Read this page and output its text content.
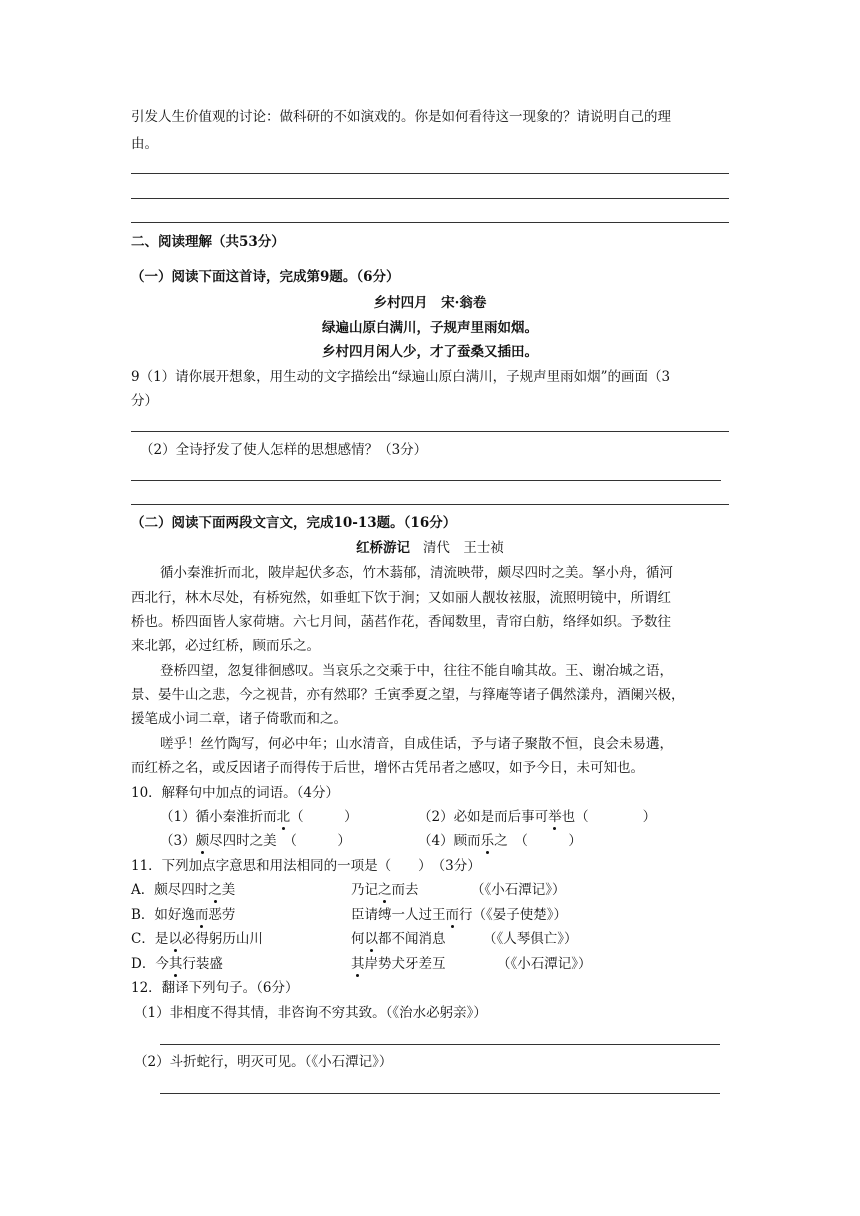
引发人生价值观的讨论：做科研的不如演戏的。你是如何看待这一现象的？请说明自己的理
由。
二、阅读理解（共53分）
（一）阅读下面这首诗，完成第9题。（6分）
乡村四月　宋·翁卷
绿遍山原白满川，子规声里雨如烟。
乡村四月闲人少，才了蚕桑又插田。
9（1）请你展开想象，用生动的文字描绘出“绿遍山原白满川，子规声里雨如烟”的画面（3
分）
（2）全诗抒发了使人怎样的思想感情？（3分）
（二）阅读下面两段文言文，完成10-13题。（16分）
红桥游记 清代　王士祯
循小秦淮折而北，陂岸起伏多态，竹木蓊郁，清流映带，颇尽四时之美。拏小舟，循河
西北行，林木尽处，有桥宛然，如垂虹下饮于涧；又如丽人靓妆袨服，流照明镜中，所谓红
桥也。桥四面皆人家荷塘。六七月间，菡萏作花，香闻数里，青帘白舫，络绎如织。予数往
来北郭，必过红桥，顾而乐之。
登桥四望，忽复徘徊感叹。当哀乐之交乘于中，往往不能自喻其故。王、谢冶城之语，
景、晏牛山之悲，今之视昔，亦有然耶？壬寅季夏之望，与箨庵等诸子偶然漾舟，酒阑兴极，
援笔成小词二章，诸子倚歌而和之。
嗟乎！丝竹陶写，何必中年；山水清音，自成佳话，予与诸子聚散不恒，良会未易遘，
而红桥之名，或反因诸子而得传于后世，增怀古凭吊者之感叹，如予今日，未可知也。
10．解释句中加点的词语。（4分）
（1）循小秦淮折而北（　　　）	（2）必如是而后事可举也（　　　　）
（3）颇尽四时之美　（　　　）	（4）顾而乐之　（　　　）
11．下列加点字意思和用法相同的一项是（　　）　（3分）
A．颇尽四时之美	乃记之而去	（《小石潭记》）
B．如好逸而恶劳	臣请缚一人过王而行（《晏子使楚》）
C．是以必得躬历山川	何以都不闻消息	（《人琴俱亡》）
D．今其行装盛	其岸势犬牙差互	（《小石潭记》）
12．翻译下列句子。（6分）
（1）非相度不得其情，非咨询不穷其致。（《治水必躬亲》）
（2）斗折蛇行，明灭可见。（《小石潭记》）
